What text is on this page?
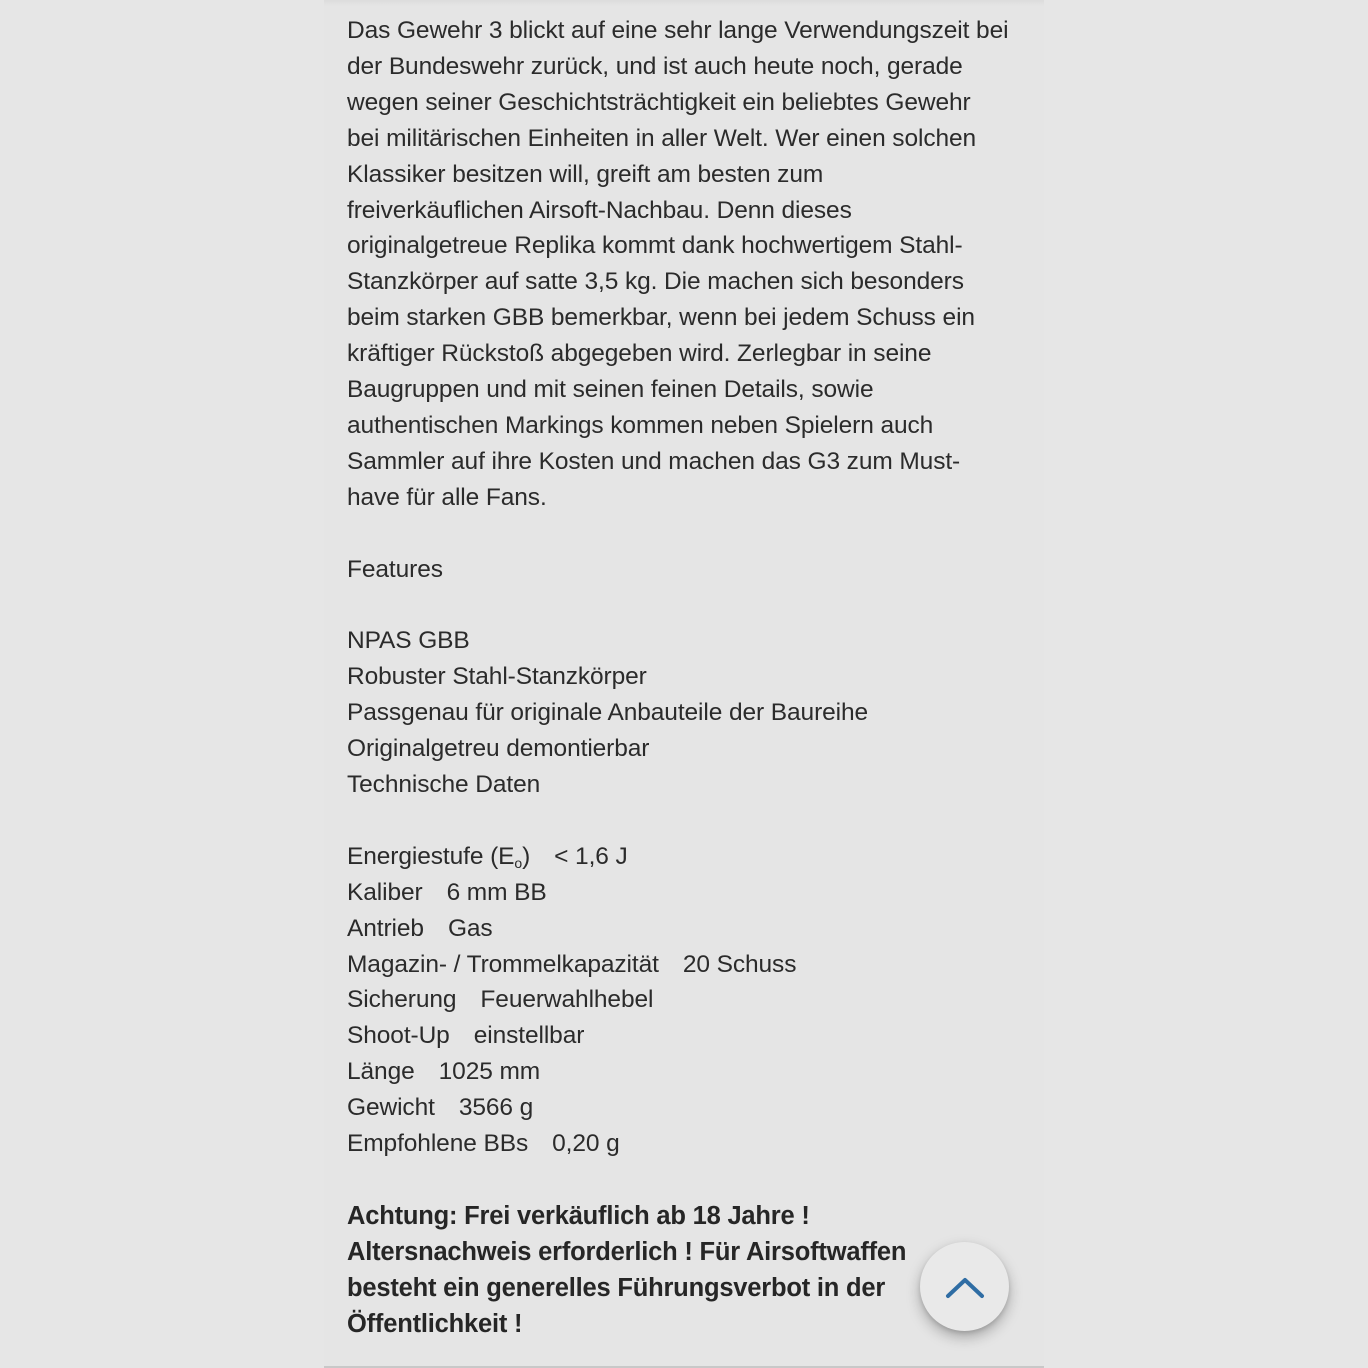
Das Gewehr 3 blickt auf eine sehr lange Verwendungszeit bei
der Bundeswehr zurück, und ist auch heute noch, gerade
wegen seiner Geschichtsträchtigkeit ein beliebtes Gewehr
bei militärischen Einheiten in aller Welt. Wer einen solchen
Klassiker besitzen will, greift am besten zum
freiverkäuflichen Airsoft-Nachbau. Denn dieses
originalgetreue Replika kommt dank hochwertigem Stahl-
Stanzkörper auf satte 3,5 kg. Die machen sich besonders
beim starken GBB bemerkbar, wenn bei jedem Schuss ein
kräftiger Rückstoß abgegeben wird. Zerlegbar in seine
Baugruppen und mit seinen feinen Details, sowie
authentischen Markings kommen neben Spielern auch
Sammler auf ihre Kosten und machen das G3 zum Must-
have für alle Fans.

Features
NPAS GBB
Robuster Stahl-Stanzkörper
Passgenau für originale Anbauteile der Baureihe
Originalgetreu demontierbar
Technische Daten
Energiestufe $(E_o) < 1,6$ J
Kaliber 6 mm BB
Antrieb Gas
Magazin- / Trommelkapazität 20 Schuss
Sicherung Feuerwahlhebel
Shoot-Up einstellbar
Länge 1025 mm
Gewicht 3566 g
Empfohlene BBs 0,20 g
Achtung: Frei verkäuflich ab 18 Jahre !
Altersnachweis erforderlich ! Für Airsoftwaffen
besteht ein generelles Führungsverbot in der
Öffentlichkeit !
